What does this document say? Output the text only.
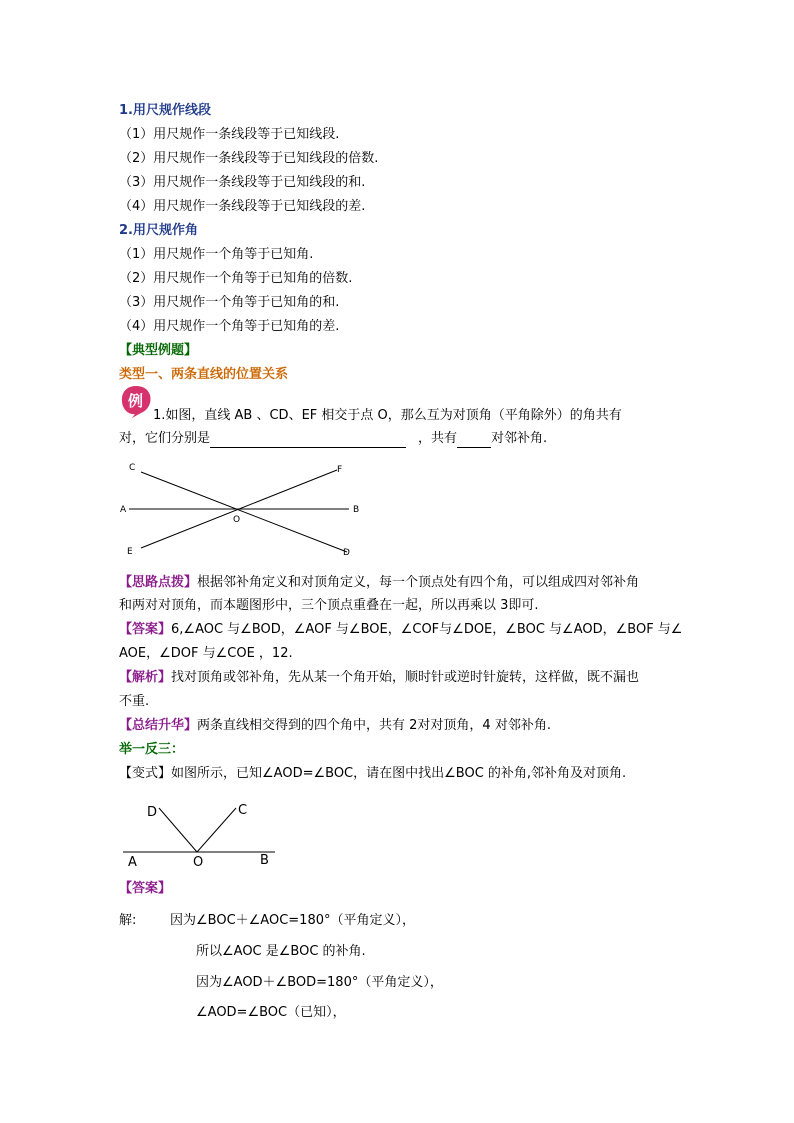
1.用尺规作线段
（1）用尺规作一条线段等于已知线段.
（2）用尺规作一条线段等于已知线段的倍数.
（3）用尺规作一条线段等于已知线段的和.
（4）用尺规作一条线段等于已知线段的差.
2.用尺规作角
（1）用尺规作一个角等于已知角.
（2）用尺规作一个角等于已知角的倍数.
（3）用尺规作一个角等于已知角的和.
（4）用尺规作一个角等于已知角的差.
【典型例题】
类型一、两条直线的位置关系
例
1.如图，直线 AB 、CD、EF 相交于点 O，那么互为对顶角（平角除外）的角共有
对，它们分别是	，共有	对邻补角.
C	F
A	B
O
E	D
【思路点拨】根据邻补角定义和对顶角定义，每一个顶点处有四个角，可以组成四对邻补角
和两对对顶角，而本题图形中，三个顶点重叠在一起，所以再乘以 3即可.
【答案】6,∠AOC 与∠BOD，∠AOF 与∠BOE，∠COF与∠DOE，∠BOC 与∠AOD，∠BOF 与∠
AOE，∠DOF 与∠COE ，12.
【解析】找对顶角或邻补角，先从某一个角开始，顺时针或逆时针旋转，这样做，既不漏也
不重.
【总结升华】两条直线相交得到的四个角中，共有 2对对顶角，4 对邻补角.
举一反三：
【变式】如图所示，已知∠AOD=∠BOC，请在图中找出∠BOC 的补角,邻补角及对顶角.
D	C
A	O	B
【答案】
解:	因为∠BOC＋∠AOC=180°（平角定义），
所以∠AOC 是∠BOC 的补角.
因为∠AOD＋∠BOD=180°（平角定义），
∠AOD=∠BOC（已知），
